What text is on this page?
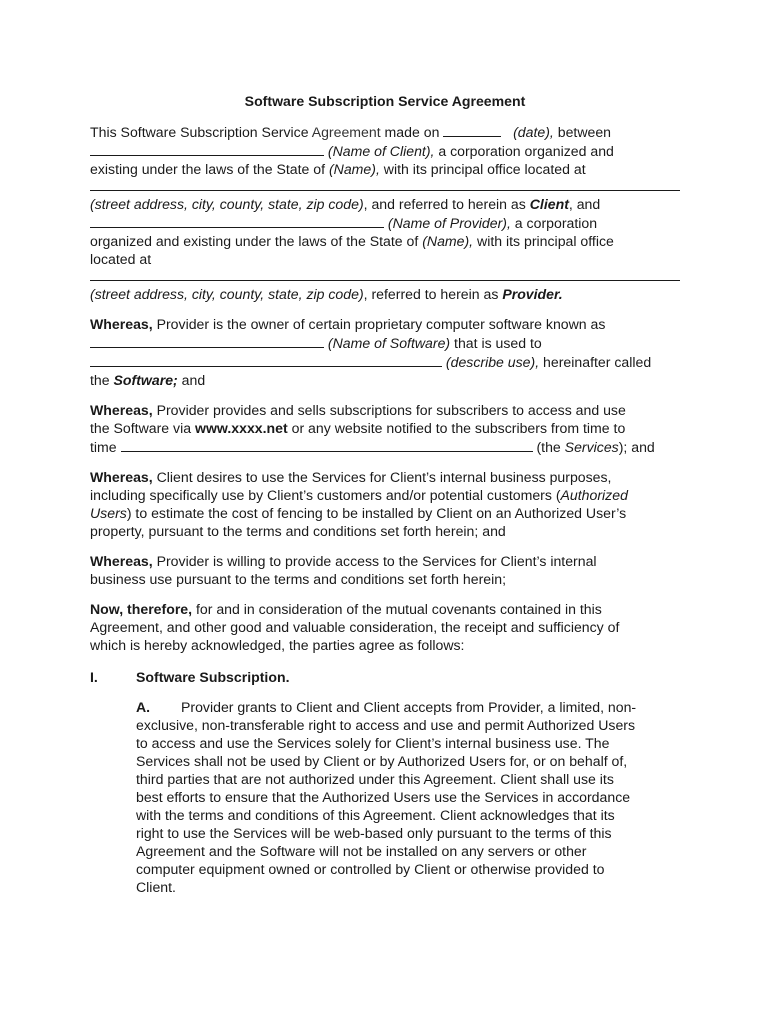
Software Subscription Service Agreement

This Software Subscription Service Agreement made on	(date), between
(Name of Client), a corporation organized and
existing under the laws of the State of (Name), with its principal office located at
(street address, city, county, state, zip code), and referred to herein as Client, and
(Name of Provider), a corporation
organized and existing under the laws of the State of (Name), with its principal office
located at
(street address, city, county, state, zip code), referred to herein as Provider.

Whereas, Provider is the owner of certain proprietary computer software known as
(Name of Software) that is used to
(describe use), hereinafter called
the Software; and

Whereas, Provider provides and sells subscriptions for subscribers to access and use
the Software via www.xxxx.net or any website notified to the subscribers from time to
time	(the Services); and

Whereas, Client desires to use the Services for Client’s internal business purposes,
including specifically use by Client’s customers and/or potential customers (Authorized
Users) to estimate the cost of fencing to be installed by Client on an Authorized User’s
property, pursuant to the terms and conditions set forth herein; and

Whereas, Provider is willing to provide access to the Services for Client’s internal
business use pursuant to the terms and conditions set forth herein;

Now, therefore, for and in consideration of the mutual covenants contained in this
Agreement, and other good and valuable consideration, the receipt and sufficiency of
which is hereby acknowledged, the parties agree as follows:

I.	Software Subscription.
A. Provider grants to Client and Client accepts from Provider, a limited, non-
exclusive, non-transferable right to access and use and permit Authorized Users
to access and use the Services solely for Client’s internal business use. The
Services shall not be used by Client or by Authorized Users for, or on behalf of,
third parties that are not authorized under this Agreement. Client shall use its
best efforts to ensure that the Authorized Users use the Services in accordance
with the terms and conditions of this Agreement. Client acknowledges that its
right to use the Services will be web-based only pursuant to the terms of this
Agreement and the Software will not be installed on any servers or other
computer equipment owned or controlled by Client or otherwise provided to
Client.
